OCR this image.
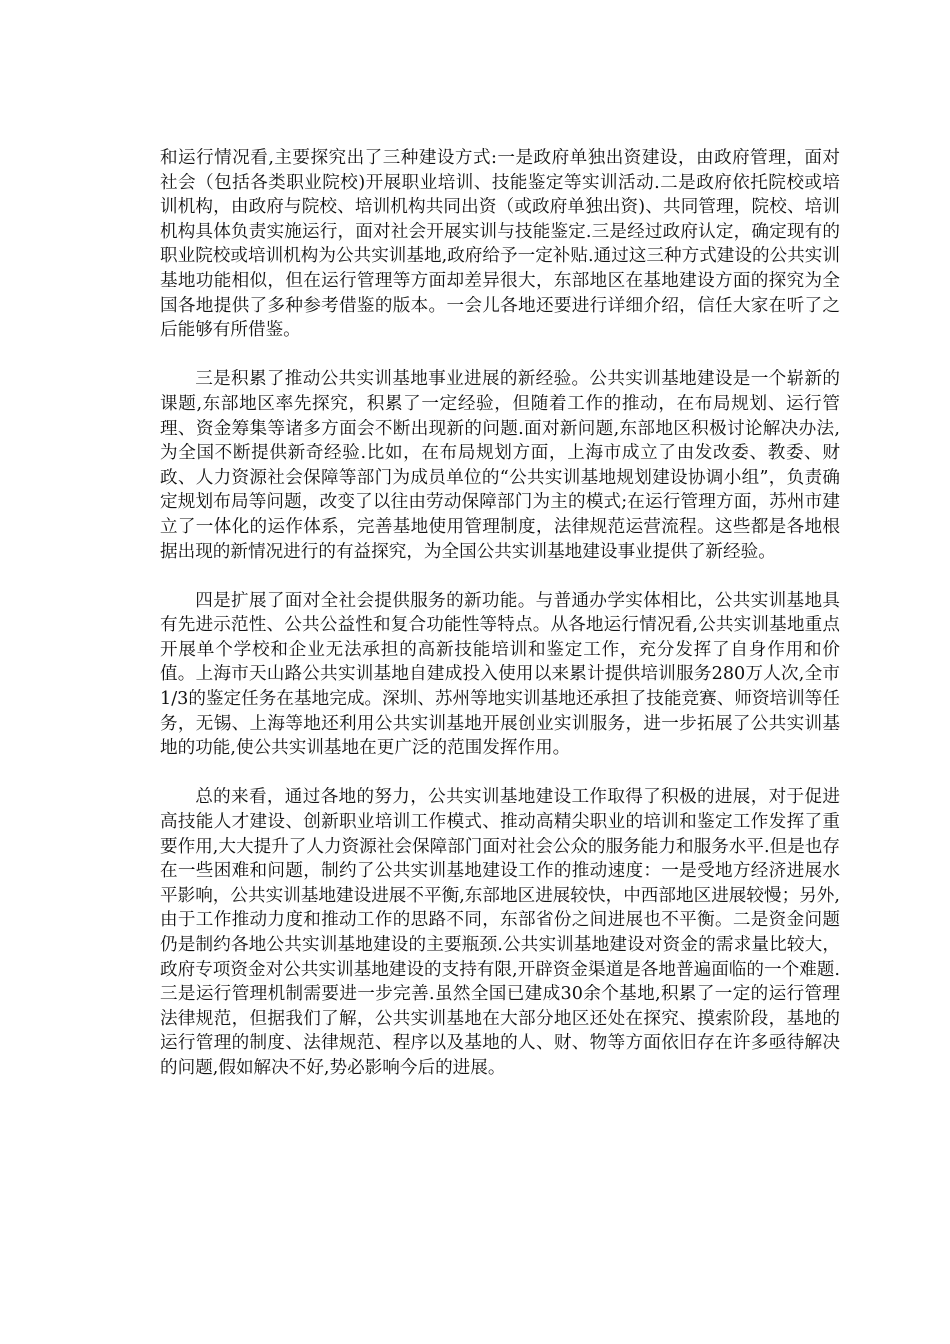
和运行情况看,主要探究出了三种建设方式:一是政府单独出资建设，由政府管理，面对社会（包括各类职业院校)开展职业培训、技能鉴定等实训活动.二是政府依托院校或培训机构，由政府与院校、培训机构共同出资（或政府单独出资)、共同管理，院校、培训机构具体负责实施运行，面对社会开展实训与技能鉴定.三是经过政府认定，确定现有的职业院校或培训机构为公共实训基地,政府给予一定补贴.通过这三种方式建设的公共实训基地功能相似，但在运行管理等方面却差异很大，东部地区在基地建设方面的探究为全国各地提供了多种参考借鉴的版本。一会儿各地还要进行详细介绍，信任大家在听了之后能够有所借鉴。

三是积累了推动公共实训基地事业进展的新经验。公共实训基地建设是一个崭新的课题,东部地区率先探究，积累了一定经验，但随着工作的推动，在布局规划、运行管理、资金筹集等诸多方面会不断出现新的问题.面对新问题,东部地区积极讨论解决办法,为全国不断提供新奇经验.比如，在布局规划方面，上海市成立了由发改委、教委、财政、人力资源社会保障等部门为成员单位的“公共实训基地规划建设协调小组”，负责确定规划布局等问题，改变了以往由劳动保障部门为主的模式;在运行管理方面，苏州市建立了一体化的运作体系，完善基地使用管理制度，法律规范运营流程。这些都是各地根据出现的新情况进行的有益探究，为全国公共实训基地建设事业提供了新经验。

四是扩展了面对全社会提供服务的新功能。与普通办学实体相比，公共实训基地具有先进示范性、公共公益性和复合功能性等特点。从各地运行情况看,公共实训基地重点开展单个学校和企业无法承担的高新技能培训和鉴定工作，充分发挥了自身作用和价值。上海市天山路公共实训基地自建成投入使用以来累计提供培训服务280万人次,全市1/3的鉴定任务在基地完成。深圳、苏州等地实训基地还承担了技能竞赛、师资培训等任务，无锡、上海等地还利用公共实训基地开展创业实训服务，进一步拓展了公共实训基地的功能,使公共实训基地在更广泛的范围发挥作用。

总的来看，通过各地的努力，公共实训基地建设工作取得了积极的进展，对于促进高技能人才建设、创新职业培训工作模式、推动高精尖职业的培训和鉴定工作发挥了重要作用,大大提升了人力资源社会保障部门面对社会公众的服务能力和服务水平.但是也存在一些困难和问题，制约了公共实训基地建设工作的推动速度：一是受地方经济进展水平影响，公共实训基地建设进展不平衡,东部地区进展较快，中西部地区进展较慢；另外,由于工作推动力度和推动工作的思路不同，东部省份之间进展也不平衡。二是资金问题仍是制约各地公共实训基地建设的主要瓶颈.公共实训基地建设对资金的需求量比较大，政府专项资金对公共实训基地建设的支持有限,开辟资金渠道是各地普遍面临的一个难题.三是运行管理机制需要进一步完善.虽然全国已建成30余个基地,积累了一定的运行管理法律规范，但据我们了解，公共实训基地在大部分地区还处在探究、摸索阶段，基地的运行管理的制度、法律规范、程序以及基地的人、财、物等方面依旧存在许多亟待解决的问题,假如解决不好,势必影响今后的进展。
